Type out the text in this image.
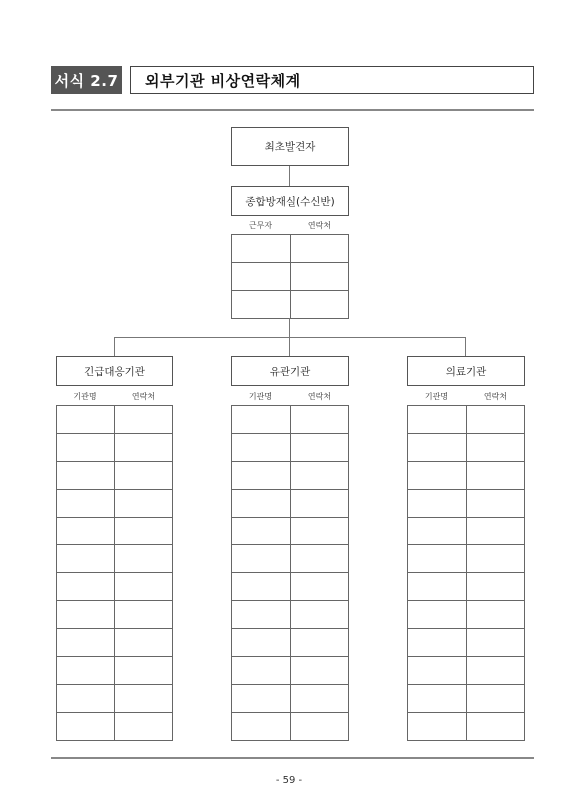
서식 2.7	외부기관 비상연락체계
최초발견자
종합방재실(수신반)
근무자	연락처

긴급대응기관
기관명	연락처

유관기관
기관명	연락처

의료기관
기관명	연락처

- 59 -
